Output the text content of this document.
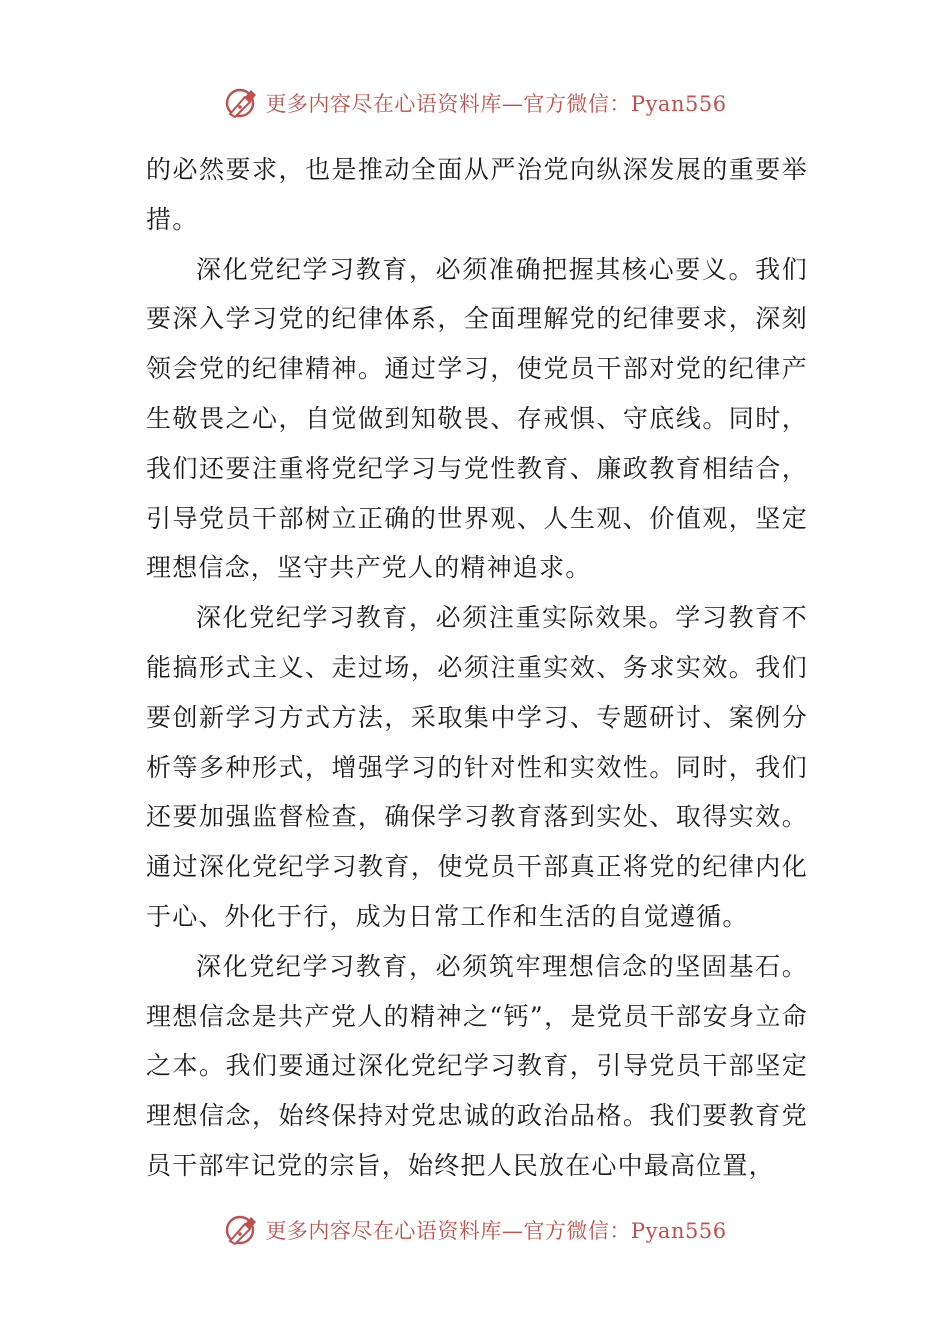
更多内容尽在心语资料库—官方微信：Pyan556

的必然要求，也是推动全面从严治党向纵深发展的重要举措。

深化党纪学习教育，必须准确把握其核心要义。我们要深入学习党的纪律体系，全面理解党的纪律要求，深刻领会党的纪律精神。通过学习，使党员干部对党的纪律产生敬畏之心，自觉做到知敬畏、存戒惧、守底线。同时，我们还要注重将党纪学习与党性教育、廉政教育相结合，引导党员干部树立正确的世界观、人生观、价值观，坚定理想信念，坚守共产党人的精神追求。

深化党纪学习教育，必须注重实际效果。学习教育不能搞形式主义、走过场，必须注重实效、务求实效。我们要创新学习方式方法，采取集中学习、专题研讨、案例分析等多种形式，增强学习的针对性和实效性。同时，我们还要加强监督检查，确保学习教育落到实处、取得实效。通过深化党纪学习教育，使党员干部真正将党的纪律内化于心、外化于行，成为日常工作和生活的自觉遵循。

深化党纪学习教育，必须筑牢理想信念的坚固基石。理想信念是共产党人的精神之“钙”，是党员干部安身立命之本。我们要通过深化党纪学习教育，引导党员干部坚定理想信念，始终保持对党忠诚的政治品格。我们要教育党员干部牢记党的宗旨，始终把人民放在心中最高位置，

更多内容尽在心语资料库—官方微信：Pyan556
